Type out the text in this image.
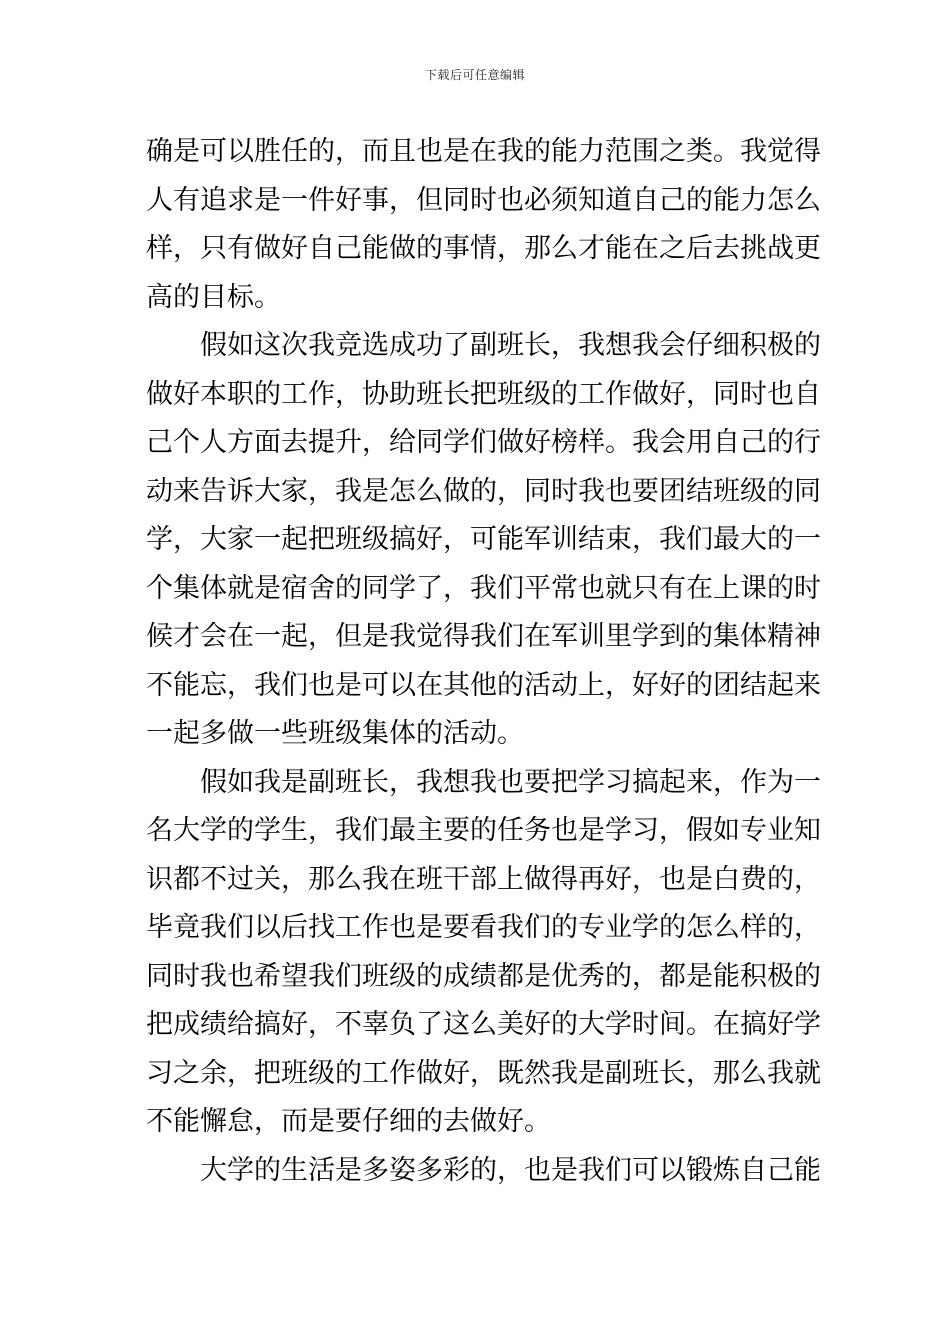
下载后可任意编辑
确是可以胜任的，而且也是在我的能力范围之类。我觉得
人有追求是一件好事，但同时也必须知道自己的能力怎么
样，只有做好自己能做的事情，那么才能在之后去挑战更
高的目标。
假如这次我竞选成功了副班长，我想我会仔细积极的
做好本职的工作，协助班长把班级的工作做好，同时也自
己个人方面去提升，给同学们做好榜样。我会用自己的行
动来告诉大家，我是怎么做的，同时我也要团结班级的同
学，大家一起把班级搞好，可能军训结束，我们最大的一
个集体就是宿舍的同学了，我们平常也就只有在上课的时
候才会在一起，但是我觉得我们在军训里学到的集体精神
不能忘，我们也是可以在其他的活动上，好好的团结起来
一起多做一些班级集体的活动。
假如我是副班长，我想我也要把学习搞起来，作为一
名大学的学生，我们最主要的任务也是学习，假如专业知
识都不过关，那么我在班干部上做得再好，也是白费的，
毕竟我们以后找工作也是要看我们的专业学的怎么样的，
同时我也希望我们班级的成绩都是优秀的，都是能积极的
把成绩给搞好，不辜负了这么美好的大学时间。在搞好学
习之余，把班级的工作做好，既然我是副班长，那么我就
不能懈怠，而是要仔细的去做好。
大学的生活是多姿多彩的，也是我们可以锻炼自己能
